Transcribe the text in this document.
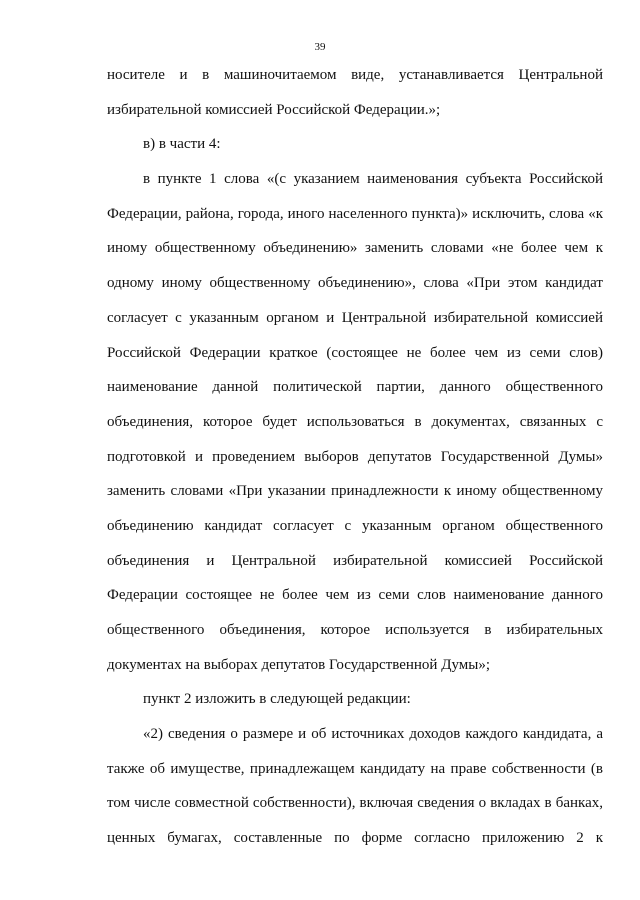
39
носителе и в машиночитаемом виде, устанавливается Центральной
избирательной комиссией Российской Федерации.»;
в) в части 4:
в пункте 1 слова «(с указанием наименования субъекта Российской
Федерации, района, города, иного населенного пункта)» исключить, слова «к
иному общественному объединению» заменить словами «не более чем к
одному иному общественному объединению», слова «При этом кандидат
согласует с указанным органом и Центральной избирательной комиссией
Российской Федерации краткое (состоящее не более чем из семи слов)
наименование данной политической партии, данного общественного
объединения, которое будет использоваться в документах, связанных с
подготовкой и проведением выборов депутатов Государственной Думы»
заменить словами «При указании принадлежности к иному общественному
объединению кандидат согласует с указанным органом общественного
объединения и Центральной избирательной комиссией Российской
Федерации состоящее не более чем из семи слов наименование данного
общественного объединения, которое используется в избирательных
документах на выборах депутатов Государственной Думы»;
пункт 2 изложить в следующей редакции:
«2) сведения о размере и об источниках доходов каждого кандидата, а
также об имуществе, принадлежащем кандидату на праве собственности (в
том числе совместной собственности), включая сведения о вкладах в банках,
ценных бумагах, составленные по форме согласно приложению 2 к
